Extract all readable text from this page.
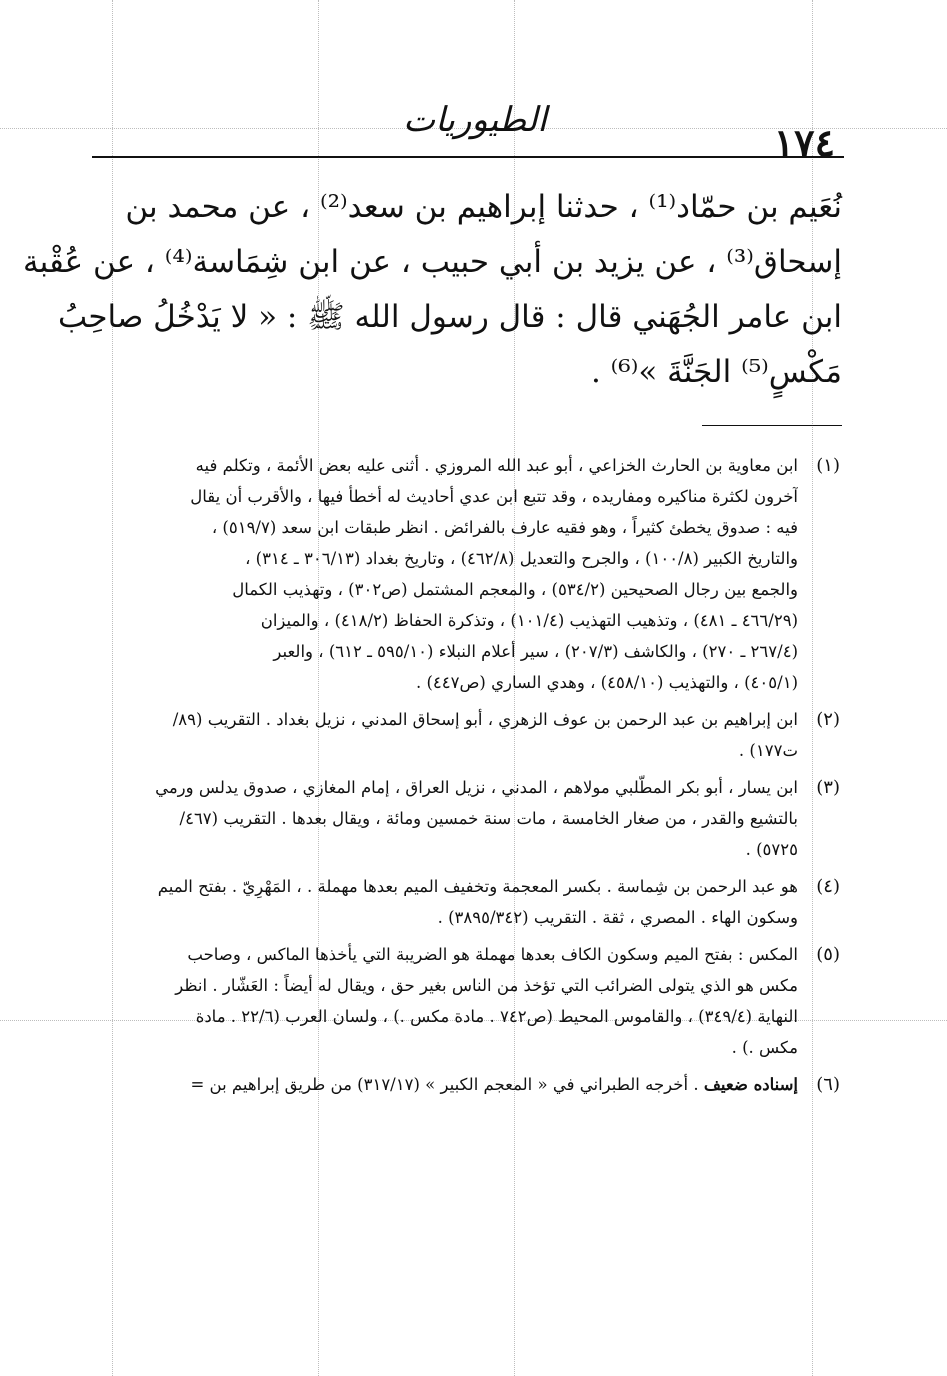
١٧٤
الطيوريات
نُعَيم بن حمّاد⁽¹⁾ ، حدثنا إبراهيم بن سعد⁽²⁾ ، عن محمد بن
إسحاق⁽³⁾ ، عن يزيد بن أبي حبيب ، عن ابن شِمَاسة⁽⁴⁾ ، عن عُقْبة
ابن عامر الجُهَني قال : قال رسول الله ﷺ : « لا يَدْخُلُ صاحِبُ
مَكْسٍ⁽⁵⁾ الجَنَّةَ »⁽⁶⁾ .
(١)
ابن معاوية بن الحارث الخزاعي ، أبو عبد الله المروزي . أثنى عليه بعض الأئمة ، وتكلم فيه
آخرون لكثرة مناكيره ومفاريده ، وقد تتبع ابن عدي أحاديث له أخطأ فيها ، والأقرب أن يقال
فيه : صدوق يخطئ كثيراً ، وهو فقيه عارف بالفرائض . انظر طبقات ابن سعد (٥١٩/٧) ،
والتاريخ الكبير (١٠٠/٨) ، والجرح والتعديل (٤٦٢/٨) ، وتاريخ بغداد (٣٠٦/١٣ ـ ٣١٤) ،
والجمع بين رجال الصحيحين (٥٣٤/٢) ، والمعجم المشتمل (ص٣٠٢) ، وتهذيب الكمال
(٤٦٦/٢٩ ـ ٤٨١) ، وتذهيب التهذيب (١٠١/٤) ، وتذكرة الحفاظ (٤١٨/٢) ، والميزان
(٢٦٧/٤ ـ ٢٧٠) ، والكاشف (٢٠٧/٣) ، سير أعلام النبلاء (٥٩٥/١٠ ـ ٦١٢) ، والعبر
(٤٠٥/١) ، والتهذيب (٤٥٨/١٠) ، وهدي الساري (ص٤٤٧) .
(٢)
ابن إبراهيم بن عبد الرحمن بن عوف الزهري ، أبو إسحاق المدني ، نزيل بغداد . التقريب (٨٩/
ت١٧٧) .
(٣)
ابن يسار ، أبو بكر المطّلبي مولاهم ، المدني ، نزيل العراق ، إمام المغازي ، صدوق يدلس ورمي
بالتشيع والقدر ، من صغار الخامسة ، مات سنة خمسين ومائة ، ويقال بعدها . التقريب (٤٦٧/
٥٧٢٥) .
(٤)
هو عبد الرحمن بن شِماسة . بكسر المعجمة وتخفيف الميم بعدها مهملة . ، المَهْرِيّ . بفتح الميم
وسكون الهاء . المصري ، ثقة . التقريب (٣٨٩٥/٣٤٢) .
(٥)
المكس : بفتح الميم وسكون الكاف بعدها مهملة هو الضريبة التي يأخذها الماكس ، وصاحب
مكس هو الذي يتولى الضرائب التي تؤخذ من الناس بغير حق ، ويقال له أيضاً : العَشّار . انظر
النهاية (٣٤٩/٤) ، والقاموس المحيط (ص٧٤٢ . مادة مكس .) ، ولسان العرب (٢٢/٦ . مادة
مكس .) .
(٦)
إسناده ضعيف . أخرجه الطبراني في « المعجم الكبير » (٣١٧/١٧) من طريق إبراهيم بن =
